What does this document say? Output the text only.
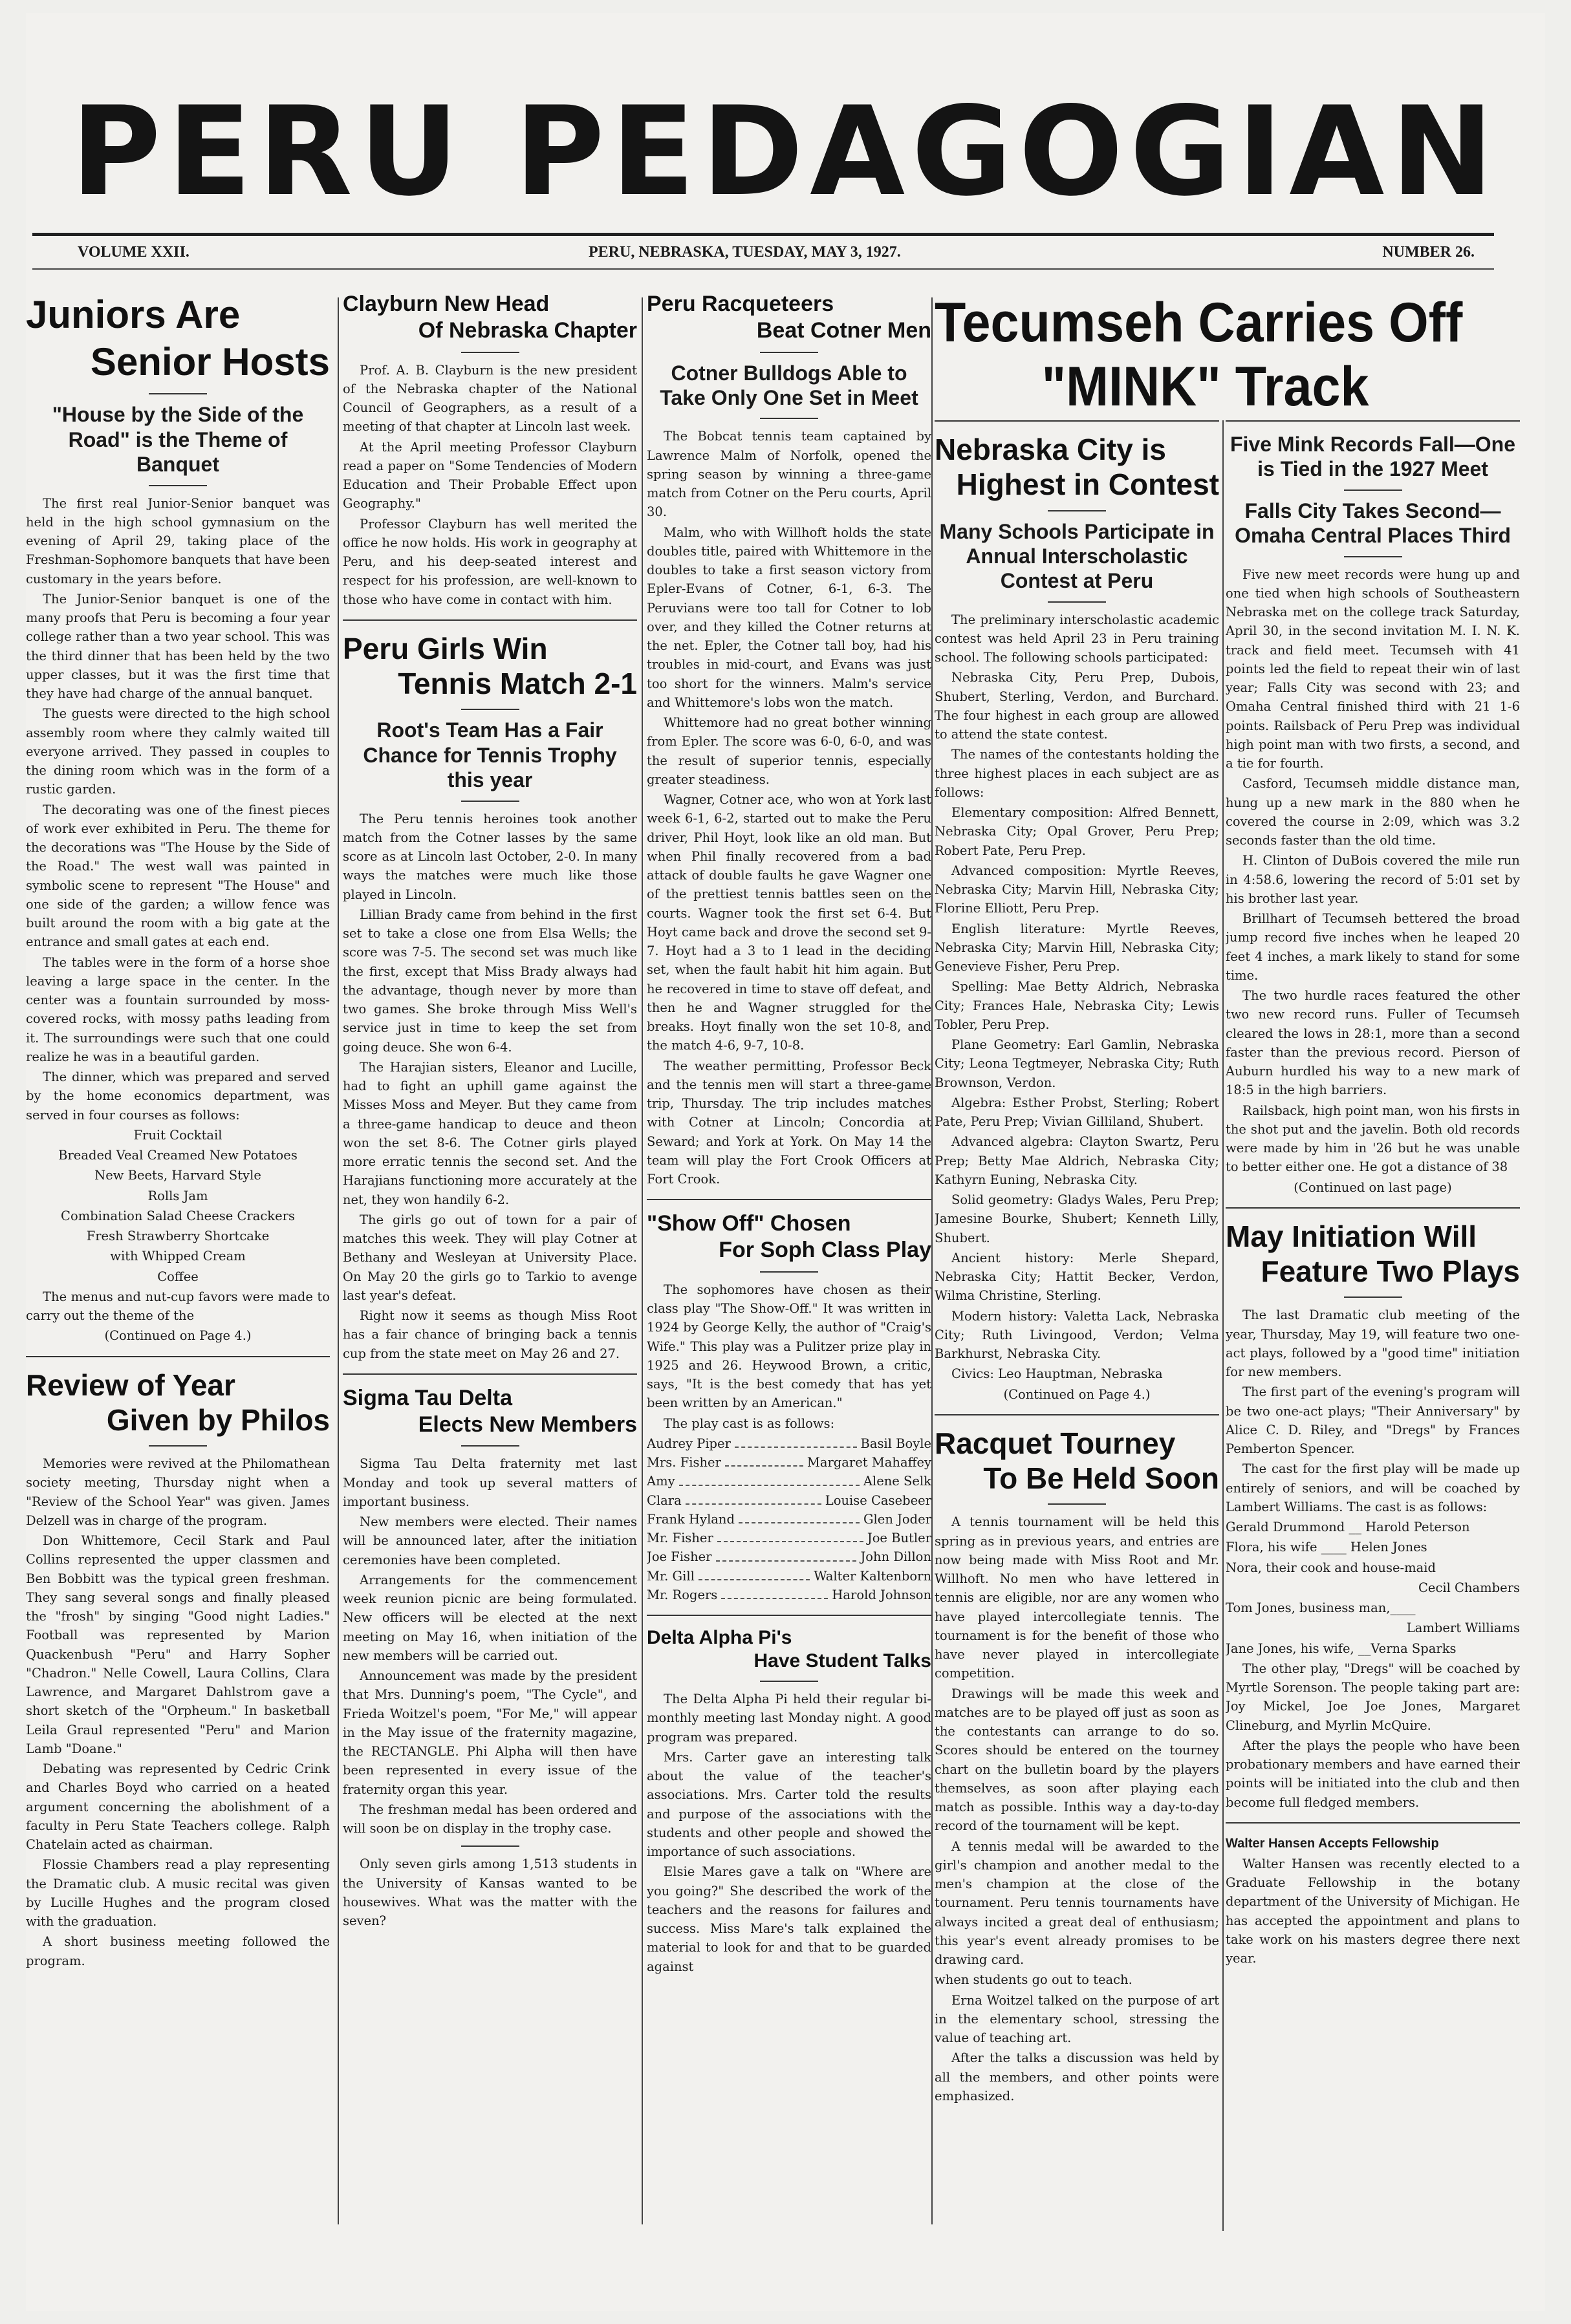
PERU PEDAGOGIAN
VOLUME XXII.	PERU, NEBRASKA, TUESDAY, MAY 3, 1927.	NUMBER 26.
Juniors Are
Senior Hosts
"House by the Side of the Road" is the Theme of Banquet

The first real Junior-Senior banquet was held in the high school gymnasium on the evening of April 29, taking place of the Freshman-Sophomore banquets that have been customary in the years before.

The Junior-Senior banquet is one of the many proofs that Peru is becoming a four year college rather than a two year school. This was the third dinner that has been held by the two upper classes, but it was the first time that they have had charge of the annual banquet.

The guests were directed to the high school assembly room where they calmly waited till everyone arrived. They passed in couples to the dining room which was in the form of a rustic garden.

The decorating was one of the finest pieces of work ever exhibited in Peru. The theme for the decorations was "The House by the Side of the Road." The west wall was painted in symbolic scene to represent "The House" and one side of the garden; a willow fence was built around the room with a big gate at the entrance and small gates at each end.

The tables were in the form of a horse shoe leaving a large space in the center. In the center was a fountain surrounded by moss-covered rocks, with mossy paths leading from it. The surroundings were such that one could realize he was in a beautiful garden.

The dinner, which was prepared and served by the home economics department, was served in four courses as follows:

Fruit Cocktail

Breaded Veal Creamed New Potatoes

New Beets, Harvard Style

Rolls Jam

Combination Salad Cheese Crackers

Fresh Strawberry Shortcake

with Whipped Cream

Coffee

The menus and nut-cup favors were made to carry out the theme of the

(Continued on Page 4.)

Review of Year
Given by Philos

Memories were revived at the Philomathean society meeting, Thursday night when a "Review of the School Year" was given. James Delzell was in charge of the program.

Don Whittemore, Cecil Stark and Paul Collins represented the upper classmen and Ben Bobbitt was the typical green freshman. They sang several songs and finally pleased the "frosh" by singing "Good night Ladies." Football was represented by Marion Quackenbush "Peru" and Harry Sopher "Chadron." Nelle Cowell, Laura Collins, Clara Lawrence, and Margaret Dahlstrom gave a short sketch of the "Orpheum." In basketball Leila Graul represented "Peru" and Marion Lamb "Doane."

Debating was represented by Cedric Crink and Charles Boyd who carried on a heated argument concerning the abolishment of a faculty in Peru State Teachers college. Ralph Chatelain acted as chairman.

Flossie Chambers read a play representing the Dramatic club. A music recital was given by Lucille Hughes and the program closed with the graduation.

A short business meeting followed the program.

Clayburn New Head
Of Nebraska Chapter

Prof. A. B. Clayburn is the new president of the Nebraska chapter of the National Council of Geographers, as a result of a meeting of that chapter at Lincoln last week.

At the April meeting Professor Clayburn read a paper on "Some Tendencies of Modern Education and Their Probable Effect upon Geography."

Professor Clayburn has well merited the office he now holds. His work in geography at Peru, and his deep-seated interest and respect for his profession, are well-known to those who have come in contact with him.

Peru Girls Win
Tennis Match 2-1
Root's Team Has a Fair Chance for Tennis Trophy this year

The Peru tennis heroines took another match from the Cotner lasses by the same score as at Lincoln last October, 2-0. In many ways the matches were much like those played in Lincoln.

Lillian Brady came from behind in the first set to take a close one from Elsa Wells; the score was 7-5. The second set was much like the first, except that Miss Brady always had the advantage, though never by more than two games. She broke through Miss Well's service just in time to keep the set from going deuce. She won 6-4.

The Harajian sisters, Eleanor and Lucille, had to fight an uphill game against the Misses Moss and Meyer. But they came from a three-game handicap to deuce and theon won the set 8-6. The Cotner girls played more erratic tennis the second set. And the Harajians functioning more accurately at the net, they won handily 6-2.

The girls go out of town for a pair of matches this week. They will play Cotner at Bethany and Wesleyan at University Place. On May 20 the girls go to Tarkio to avenge last year's defeat.

Right now it seems as though Miss Root has a fair chance of bringing back a tennis cup from the state meet on May 26 and 27.

Sigma Tau Delta
Elects New Members

Sigma Tau Delta fraternity met last Monday and took up several matters of important business.

New members were elected. Their names will be announced later, after the initiation ceremonies have been completed.

Arrangements for the commencement week reunion picnic are being formulated. New officers will be elected at the next meeting on May 16, when initiation of the new members will be carried out.

Announcement was made by the president that Mrs. Dunning's poem, "The Cycle", and Frieda Woitzel's poem, "For Me," will appear in the May issue of the fraternity magazine, the RECTANGLE. Phi Alpha will then have been represented in every issue of the fraternity organ this year.

The freshman medal has been ordered and will soon be on display in the trophy case.

Only seven girls among 1,513 students in the University of Kansas wanted to be housewives. What was the matter with the seven?

Peru Racqueteers
Beat Cotner Men
Cotner Bulldogs Able to Take Only One Set in Meet

The Bobcat tennis team captained by Lawrence Malm of Norfolk, opened the spring season by winning a three-game match from Cotner on the Peru courts, April 30.

Malm, who with Willhoft holds the state doubles title, paired with Whittemore in the doubles to take a first season victory from Epler-Evans of Cotner, 6-1, 6-3. The Peruvians were too tall for Cotner to lob over, and they killed the Cotner returns at the net. Epler, the Cotner tall boy, had his troubles in mid-court, and Evans was just too short for the winners. Malm's service and Whittemore's lobs won the match.

Whittemore had no great bother winning from Epler. The score was 6-0, 6-0, and was the result of superior tennis, especially greater steadiness.

Wagner, Cotner ace, who won at York last week 6-1, 6-2, started out to make the Peru driver, Phil Hoyt, look like an old man. But when Phil finally recovered from a bad attack of double faults he gave Wagner one of the prettiest tennis battles seen on the courts. Wagner took the first set 6-4. But Hoyt came back and drove the second set 9-7. Hoyt had a 3 to 1 lead in the deciding set, when the fault habit hit him again. But he recovered in time to stave off defeat, and then he and Wagner struggled for the breaks. Hoyt finally won the set 10-8, and the match 4-6, 9-7, 10-8.

The weather permitting, Professor Beck and the tennis men will start a three-game trip, Thursday. The trip includes matches with Cotner at Lincoln; Concordia at Seward; and York at York. On May 14 the team will play the Fort Crook Officers at Fort Crook.

"Show Off" Chosen
For Soph Class Play

The sophomores have chosen as their class play "The Show-Off." It was written in 1924 by George Kelly, the author of "Craig's Wife." This play was a Pulitzer prize play in 1925 and 26. Heywood Brown, a critic, says, "It is the best comedy that has yet been written by an American."

The play cast is as follows:

Audrey Piper	Basil Boyle
Mrs. Fisher	Margaret Mahaffey
Amy	Alene Selk
Clara	Louise Casebeer
Frank Hyland	Glen Joder
Mr. Fisher	Joe Butler
Joe Fisher	John Dillon
Mr. Gill	Walter Kaltenborn
Mr. Rogers	Harold Johnson
Delta Alpha Pi's
Have Student Talks

The Delta Alpha Pi held their regular bi-monthly meeting last Monday night. A good program was prepared.

Mrs. Carter gave an interesting talk about the value of the teacher's associations. Mrs. Carter told the results and purpose of the associations with the students and other people and showed the importance of such associations.

Elsie Mares gave a talk on "Where are you going?" She described the work of the teachers and the reasons for failures and success. Miss Mare's talk explained the material to look for and that to be guarded against

Tecumseh Carries Off
"MINK" Track
Nebraska City is
Highest in Contest
Many Schools Participate in Annual Interscholastic Contest at Peru

The preliminary interscholastic academic contest was held April 23 in Peru training school. The following schools participated:

Nebraska City, Peru Prep, Dubois, Shubert, Sterling, Verdon, and Burchard. The four highest in each group are allowed to attend the state contest.

The names of the contestants holding the three highest places in each subject are as follows:

Elementary composition: Alfred Bennett, Nebraska City; Opal Grover, Peru Prep; Robert Pate, Peru Prep.

Advanced composition: Myrtle Reeves, Nebraska City; Marvin Hill, Nebraska City; Florine Elliott, Peru Prep.

English literature: Myrtle Reeves, Nebraska City; Marvin Hill, Nebraska City; Genevieve Fisher, Peru Prep.

Spelling: Mae Betty Aldrich, Nebraska City; Frances Hale, Nebraska City; Lewis Tobler, Peru Prep.

Plane Geometry: Earl Gamlin, Nebraska City; Leona Tegtmeyer, Nebraska City; Ruth Brownson, Verdon.

Algebra: Esther Probst, Sterling; Robert Pate, Peru Prep; Vivian Gilliland, Shubert.

Advanced algebra: Clayton Swartz, Peru Prep; Betty Mae Aldrich, Nebraska City; Kathyrn Euning, Nebraska City.

Solid geometry: Gladys Wales, Peru Prep; Jamesine Bourke, Shubert; Kenneth Lilly, Shubert.

Ancient history: Merle Shepard, Nebraska City; Hattit Becker, Verdon, Wilma Christine, Sterling.

Modern history: Valetta Lack, Nebraska City; Ruth Livingood, Verdon; Velma Barkhurst, Nebraska City.

Civics: Leo Hauptman, Nebraska

(Continued on Page 4.)

Racquet Tourney
To Be Held Soon

A tennis tournament will be held this spring as in previous years, and entries are now being made with Miss Root and Mr. Willhoft. No men who have lettered in tennis are eligible, nor are any women who have played intercollegiate tennis. The tournament is for the benefit of those who have never played in intercollegiate competition.

Drawings will be made this week and matches are to be played off just as soon as the contestants can arrange to do so. Scores should be entered on the tourney chart on the bulletin board by the players themselves, as soon after playing each match as possible. Inthis way a day-to-day record of the tournament will be kept.

A tennis medal will be awarded to the girl's champion and another medal to the men's champion at the close of the tournament. Peru tennis tournaments have always incited a great deal of enthusiasm; this year's event already promises to be drawing card.

when students go out to teach.

Erna Woitzel talked on the purpose of art in the elementary school, stressing the value of teaching art.

After the talks a discussion was held by all the members, and other points were emphasized.

Five Mink Records Fall—One is Tied in the 1927 Meet
Falls City Takes Second—Omaha Central Places Third

Five new meet records were hung up and one tied when high schools of Southeastern Nebraska met on the college track Saturday, April 30, in the second invitation M. I. N. K. track and field meet. Tecumseh with 41 points led the field to repeat their win of last year; Falls City was second with 23; and Omaha Central finished third with 21 1-6 points. Railsback of Peru Prep was individual high point man with two firsts, a second, and a tie for fourth.

Casford, Tecumseh middle distance man, hung up a new mark in the 880 when he covered the course in 2:09, which was 3.2 seconds faster than the old time.

H. Clinton of DuBois covered the mile run in 4:58.6, lowering the record of 5:01 set by his brother last year.

Brillhart of Tecumseh bettered the broad jump record five inches when he leaped 20 feet 4 inches, a mark likely to stand for some time.

The two hurdle races featured the other two new record runs. Fuller of Tecumseh cleared the lows in 28:1, more than a second faster than the previous record. Pierson of Auburn hurdled his way to a new mark of 18:5 in the high barriers.

Railsback, high point man, won his firsts in the shot put and the javelin. Both old records were made by him in '26 but he was unable to better either one. He got a distance of 38

(Continued on last page)

May Initiation Will
Feature Two Plays

The last Dramatic club meeting of the year, Thursday, May 19, will feature two one-act plays, followed by a "good time" initiation for new members.

The first part of the evening's program will be two one-act plays; "Their Anniversary" by Alice C. D. Riley, and "Dregs" by Frances Pemberton Spencer.

The cast for the first play will be made up entirely of seniors, and will be coached by Lambert Williams. The cast is as follows:

Gerald Drummond __ Harold Peterson

Flora, his wife ____ Helen Jones

Nora, their cook and house-maid

Cecil Chambers

Tom Jones, business man,____

Lambert Williams

Jane Jones, his wife, __Verna Sparks

The other play, "Dregs" will be coached by Myrtle Sorenson. The people taking part are: Joy Mickel, Joe Joe Jones, Margaret Clineburg, and Myrlin McQuire.

After the plays the people who have been probationary members and have earned their points will be initiated into the club and then become full fledged members.

Walter Hansen Accepts Fellowship

Walter Hansen was recently elected to a Graduate Fellowship in the botany department of the University of Michigan. He has accepted the appointment and plans to take work on his masters degree there next year.
